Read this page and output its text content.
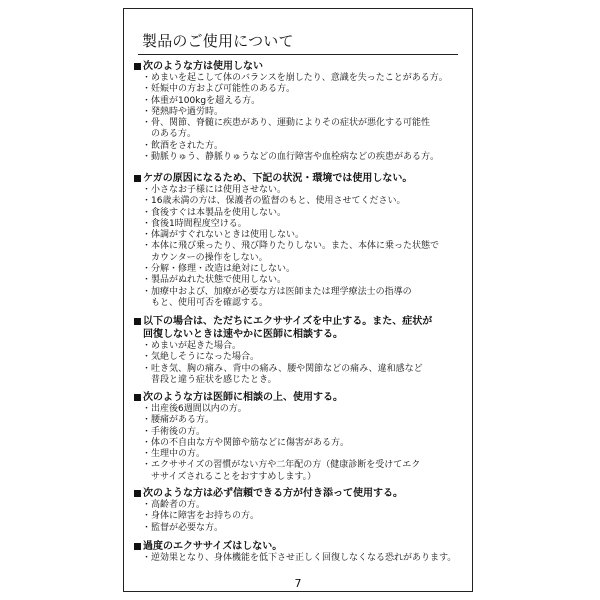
製品のご使用について
次のような方は使用しない
・めまいを起こして体のバランスを崩したり、意識を失ったことがある方。
・妊娠中の方および可能性のある方。
・体重が100kgを超える方。
・発熱時や過労時。
・骨、関節、脊髄に疾患があり、運動によりその症状が悪化する可能性
　のある方。
・飲酒をされた方。
・動脈りゅう、静脈りゅうなどの血行障害や血栓病などの疾患がある方。
ケガの原因になるため、下記の状況・環境では使用しない。
・小さなお子様には使用させない。
・16歳未満の方は、保護者の監督のもと、使用させてください。
・食後すぐは本製品を使用しない。
・食後1時間程度空ける。
・体調がすぐれないときは使用しない。
・本体に飛び乗ったり、飛び降りたりしない。また、本体に乗った状態で
　カウンターの操作をしない。
・分解・修理・改造は絶対にしない。
・製品がぬれた状態で使用しない。
・加療中および、加療が必要な方は医師または理学療法士の指導の
　もと、使用可否を確認する。
以下の場合は、ただちにエクササイズを中止する。また、症状が
回復しないときは速やかに医師に相談する。
・めまいが起きた場合。
・気絶しそうになった場合。
・吐き気、胸の痛み、背中の痛み、腰や関節などの痛み、違和感など
　普段と違う症状を感じたとき。
次のような方は医師に相談の上、使用する。
・出産後6週間以内の方。
・腰痛がある方。
・手術後の方。
・体の不自由な方や関節や筋などに傷害がある方。
・生理中の方。
・エクササイズの習慣がない方や二年配の方（健康診断を受けてエク
　ササイズされることをおすすめします。）
次のような方は必ず信頼できる方が付き添って使用する。
・高齢者の方。
・身体に障害をお持ちの方。
・監督が必要な方。
過度のエクササイズはしない。
・逆効果となり、身体機能を低下させ正しく回復しなくなる恐れがあります。
7
